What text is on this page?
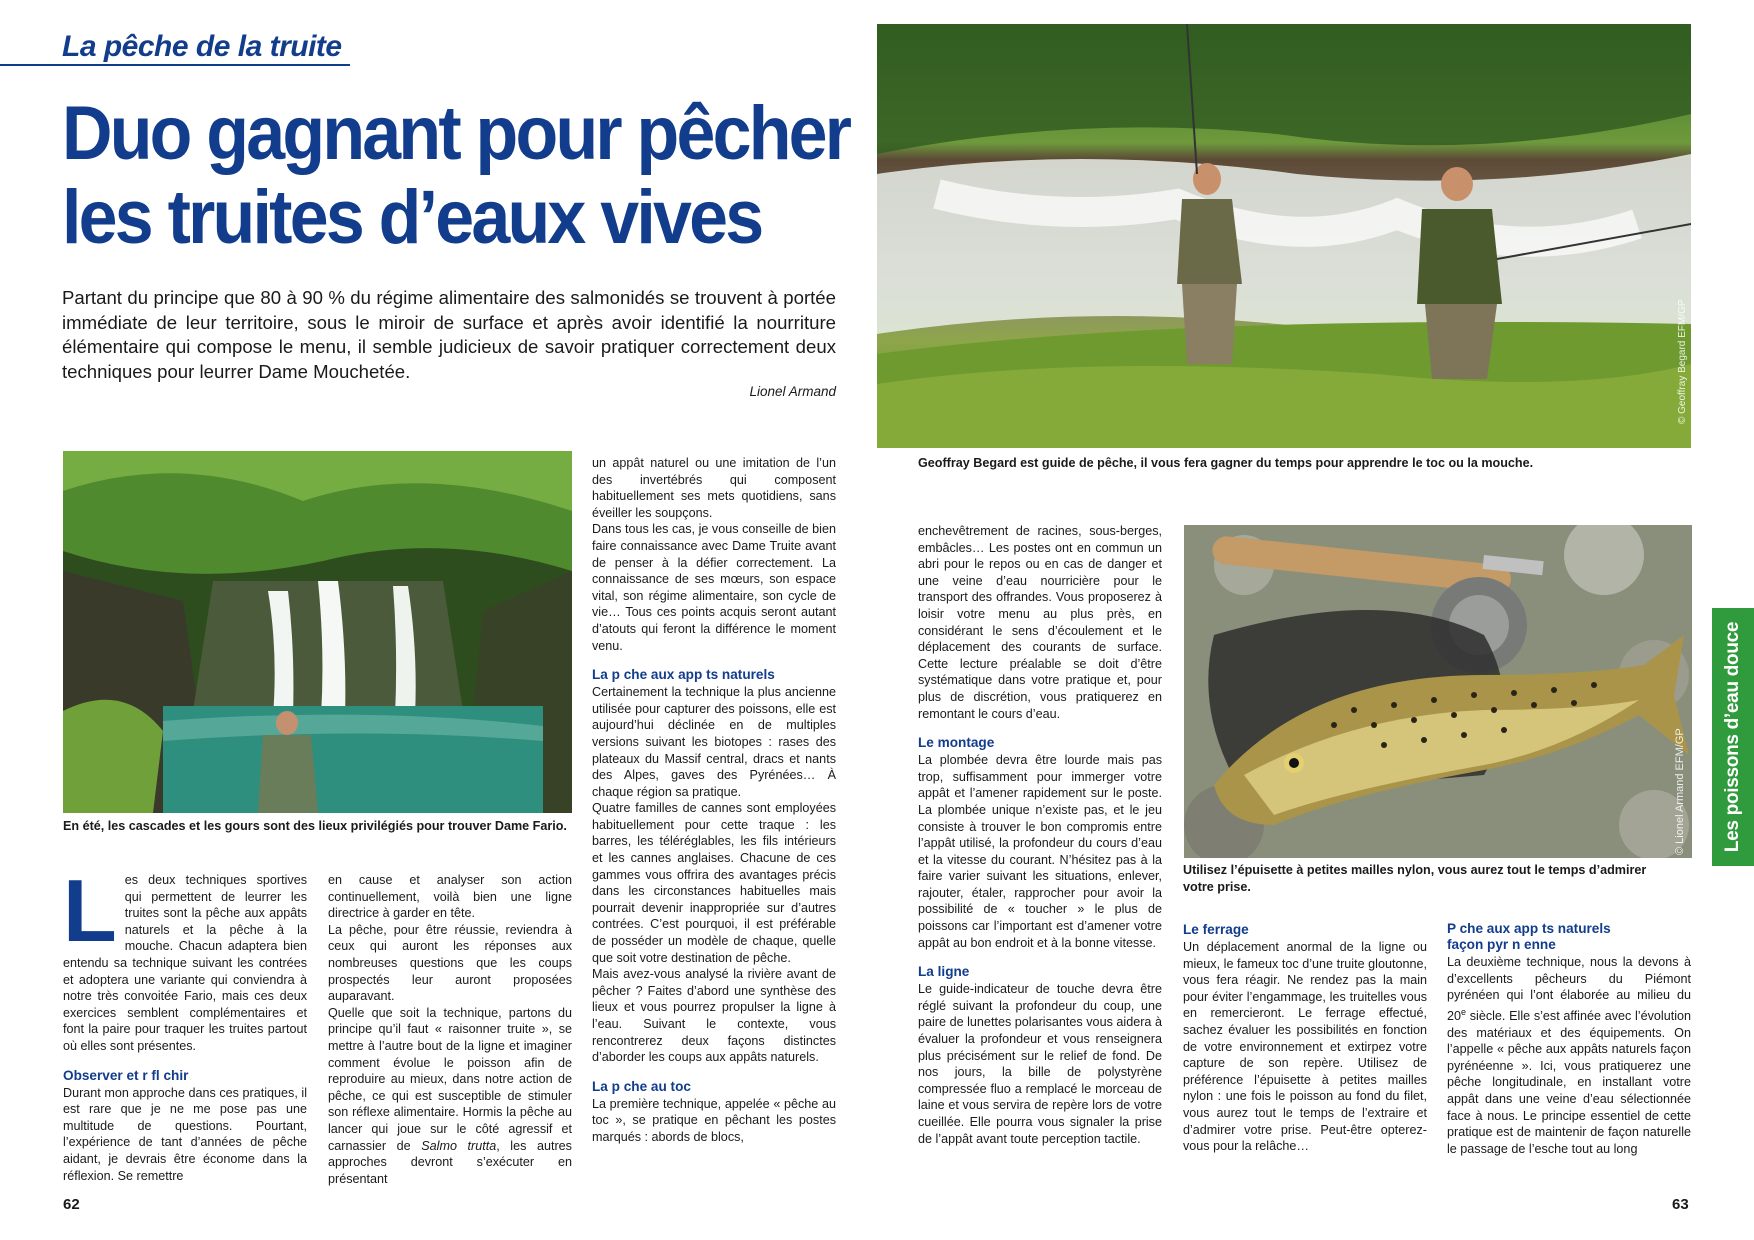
La pêche de la truite
Duo gagnant pour pêcher
les truites d’eaux vives
Partant du principe que 80 à 90 % du régime alimentaire des salmonidés se trouvent à portée immédiate de leur territoire, sous le miroir de surface et après avoir identifié la nourriture élémentaire qui compose le menu, il semble judicieux de savoir pratiquer correctement deux techniques pour leurrer Dame Mouchetée.
Lionel Armand	© Geoffray Begard EFM/GP
Geoffray Begard est guide de pêche, il vous fera gagner du temps pour apprendre le toc ou la mouche.
En été, les cascades et les gours sont des lieux privilégiés pour trouver Dame Fario.	© Lionel Armand EFM/GP
Utilisez l’épuisette à petites mailles nylon, vous aurez tout le temps d’admirer votre prise.
L es deux techniques sportives qui permettent de leurrer les truites sont la pêche aux appâts naturels et la pêche à la mouche. Chacun adaptera bien entendu sa technique suivant les contrées et adoptera une variante qui conviendra à notre très convoitée Fario, mais ces deux exercices semblent complémentaires et font la paire pour traquer les truites partout où elles sont présentes.

Observer et r fl chir

Durant mon approche dans ces pratiques, il est rare que je ne me pose pas une multitude de questions. Pourtant, l’expérience de tant d’années de pêche aidant, je devrais être économe dans la réflexion. Se remettre

en cause et analyser son action continuellement, voilà bien une ligne directrice à garder en tête.

La pêche, pour être réussie, reviendra à ceux qui auront les réponses aux nombreuses questions que les coups prospectés leur auront proposées auparavant.

Quelle que soit la technique, partons du principe qu’il faut « raisonner truite », se mettre à l’autre bout de la ligne et imaginer comment évolue le poisson afin de reproduire au mieux, dans notre action de pêche, ce qui est susceptible de stimuler son réflexe alimentaire. Hormis la pêche au lancer qui joue sur le côté agressif et carnassier de Salmo trutta, les autres approches devront s’exécuter en présentant

un appât naturel ou une imitation de l’un des invertébrés qui composent habituellement ses mets quotidiens, sans éveiller les soupçons.

Dans tous les cas, je vous conseille de bien faire connaissance avec Dame Truite avant de penser à la défier correctement. La connaissance de ses mœurs, son espace vital, son régime alimentaire, son cycle de vie… Tous ces points acquis seront autant d’atouts qui feront la différence le moment venu.

La p che aux app ts naturels

Certainement la technique la plus ancienne utilisée pour capturer des poissons, elle est aujourd’hui déclinée en de multiples versions suivant les biotopes : rases des plateaux du Massif central, dracs et nants des Alpes, gaves des Pyrénées… À chaque région sa pratique.

Quatre familles de cannes sont employées habituellement pour cette traque : les barres, les téléréglables, les fils intérieurs et les cannes anglaises. Chacune de ces gammes vous offrira des avantages précis dans les circonstances habituelles mais pourrait devenir inappropriée sur d’autres contrées. C’est pourquoi, il est préférable de posséder un modèle de chaque, quelle que soit votre destination de pêche.

Mais avez-vous analysé la rivière avant de pêcher ? Faites d’abord une synthèse des lieux et vous pourrez propulser la ligne à l’eau. Suivant le contexte, vous rencontrerez deux façons distinctes d’aborder les coups aux appâts naturels.

La p che au toc

La première technique, appelée « pêche au toc », se pratique en pêchant les postes marqués : abords de blocs,

enchevêtrement de racines, sous-berges, embâcles… Les postes ont en commun un abri pour le repos ou en cas de danger et une veine d’eau nourricière pour le transport des offrandes. Vous proposerez à loisir votre menu au plus près, en considérant le sens d’écoulement et le déplacement des courants de surface. Cette lecture préalable se doit d’être systématique dans votre pratique et, pour plus de discrétion, vous pratiquerez en remontant le cours d’eau.

Le montage

La plombée devra être lourde mais pas trop, suffisamment pour immerger votre appât et l’amener rapidement sur le poste. La plombée unique n’existe pas, et le jeu consiste à trouver le bon compromis entre l’appât utilisé, la profondeur du cours d’eau et la vitesse du courant. N’hésitez pas à la faire varier suivant les situations, enlever, rajouter, étaler, rapprocher pour avoir la possibilité de « toucher » le plus de poissons car l’important est d’amener votre appât au bon endroit et à la bonne vitesse.

La ligne

Le guide-indicateur de touche devra être réglé suivant la profondeur du coup, une paire de lunettes polarisantes vous aidera à évaluer la profondeur et vous renseignera plus précisément sur le relief de fond. De nos jours, la bille de polystyrène compressée fluo a remplacé le morceau de laine et vous servira de repère lors de votre cueillée. Elle pourra vous signaler la prise de l’appât avant toute perception tactile.

Le ferrage

Un déplacement anormal de la ligne ou mieux, le fameux toc d’une truite gloutonne, vous fera réagir. Ne rendez pas la main pour éviter l’engammage, les truitelles vous en remercieront. Le ferrage effectué, sachez évaluer les possibilités en fonction de votre environnement et extirpez votre capture de son repère. Utilisez de préférence l’épuisette à petites mailles nylon : une fois le poisson au fond du filet, vous aurez tout le temps de l’extraire et d’admirer votre prise. Peut-être opterez-vous pour la relâche…

P che aux app ts naturels
façon pyr n enne

La deuxième technique, nous la devons à d’excellents pêcheurs du Piémont pyrénéen qui l’ont élaborée au milieu du 20e siècle. Elle s’est affinée avec l’évolution des matériaux et des équipements. On l’appelle « pêche aux appâts naturels façon pyrénéenne ». Ici, vous pratiquerez une pêche longitudinale, en installant votre appât dans une veine d’eau sélectionnée face à nous. Le principe essentiel de cette pratique est de maintenir de façon naturelle le passage de l’esche tout au long

Les poissons d’eau douce
62	63
